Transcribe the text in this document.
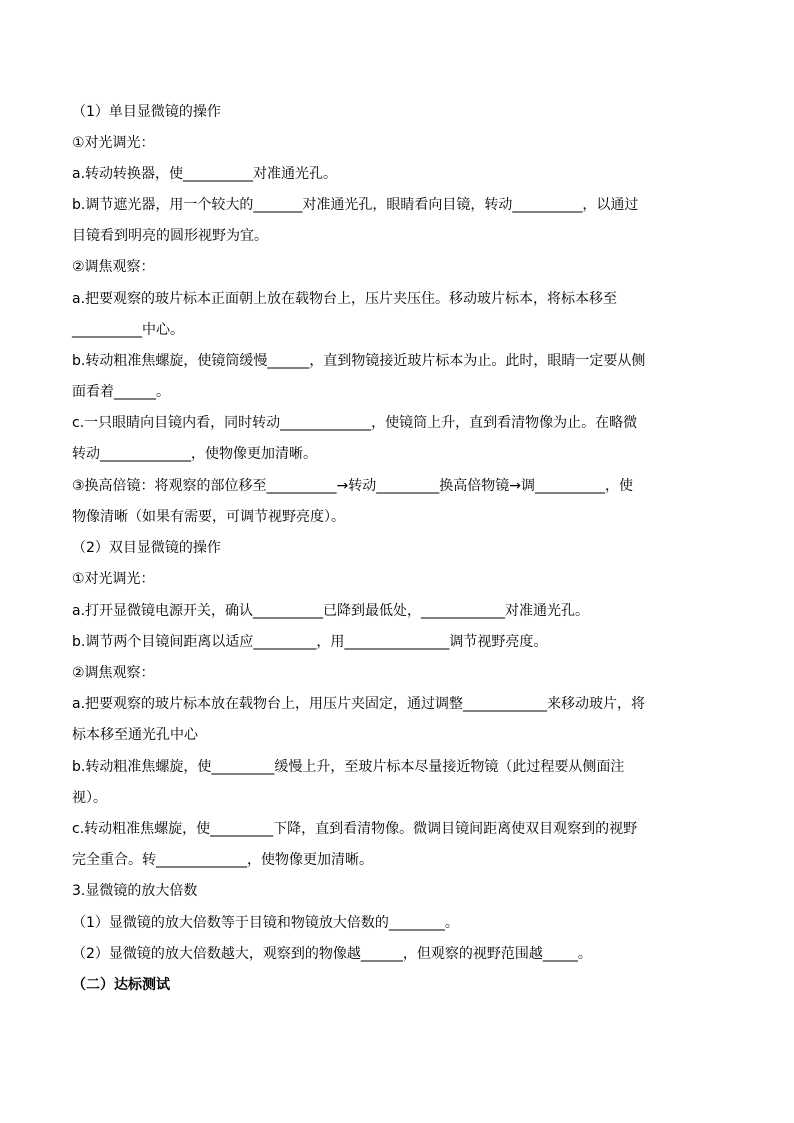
（1）单目显微镜的操作
①对光调光：
a.转动转换器，使__________对准通光孔。
b.调节遮光器，用一个较大的_______对准通光孔，眼睛看向目镜，转动__________，以通过
目镜看到明亮的圆形视野为宜。
②调焦观察：
a.把要观察的玻片标本正面朝上放在载物台上，压片夹压住。移动玻片标本，将标本移至
__________中心。
b.转动粗准焦螺旋，使镜筒缓慢______，直到物镜接近玻片标本为止。此时，眼睛一定要从侧
面看着______。
c.一只眼睛向目镜内看，同时转动_____________，使镜筒上升，直到看清物像为止。在略微
转动_____________，使物像更加清晰。
③换高倍镜：将观察的部位移至__________→转动_________换高倍物镜→调__________，使
物像清晰（如果有需要，可调节视野亮度）。
（2）双目显微镜的操作
①对光调光：
a.打开显微镜电源开关，确认__________已降到最低处，____________对准通光孔。
b.调节两个目镜间距离以适应_________，用_______________调节视野亮度。
②调焦观察：
a.把要观察的玻片标本放在载物台上，用压片夹固定，通过调整____________来移动玻片，将
标本移至通光孔中心
b.转动粗准焦螺旋，使_________缓慢上升，至玻片标本尽量接近物镜（此过程要从侧面注
视）。
c.转动粗准焦螺旋，使_________下降，直到看清物像。微调目镜间距离使双目观察到的视野
完全重合。转_____________，使物像更加清晰。
3.显微镜的放大倍数
（1）显微镜的放大倍数等于目镜和物镜放大倍数的________。
（2）显微镜的放大倍数越大，观察到的物像越______，但观察的视野范围越_____。
（二）达标测试
